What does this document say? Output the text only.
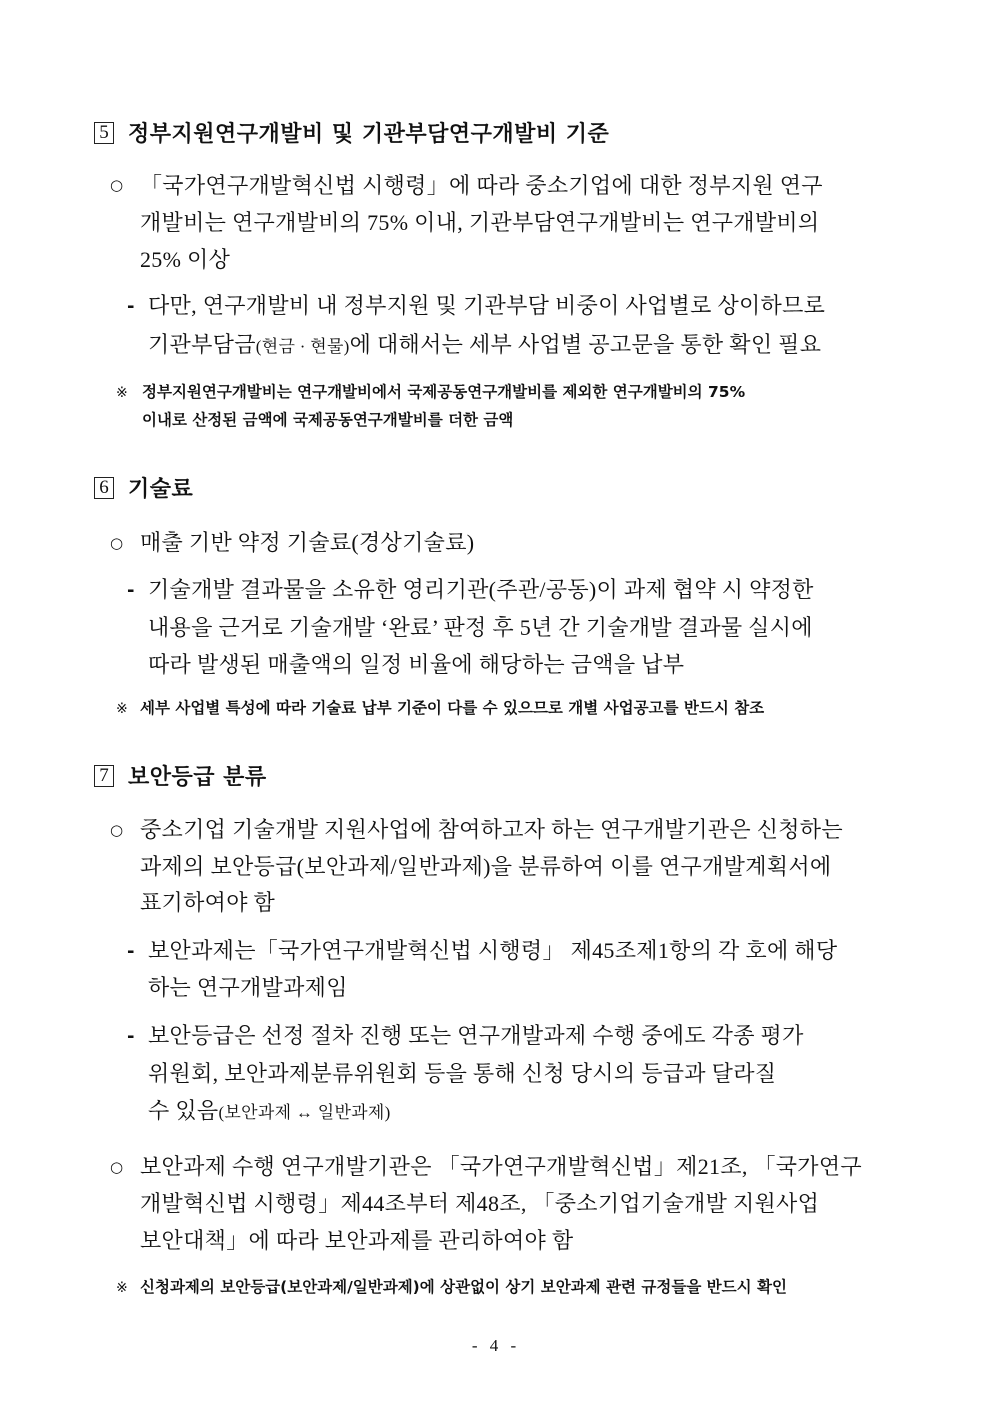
5 정부지원연구개발비 및 기관부담연구개발비 기준
○ 「국가연구개발혁신법 시행령」에 따라 중소기업에 대한 정부지원 연구
개발비는 연구개발비의 75% 이내, 기관부담연구개발비는 연구개발비의
25% 이상
- 다만, 연구개발비 내 정부지원 및 기관부담 비중이 사업별로 상이하므로
기관부담금(현금 · 현물)에 대해서는 세부 사업별 공고문을 통한 확인 필요
※ 정부지원연구개발비는 연구개발비에서 국제공동연구개발비를 제외한 연구개발비의 75%
이내로 산정된 금액에 국제공동연구개발비를 더한 금액
6 기술료
○ 매출 기반 약정 기술료(경상기술료)
- 기술개발 결과물을 소유한 영리기관(주관/공동)이 과제 협약 시 약정한
내용을 근거로 기술개발 ‘완료’ 판정 후 5년 간 기술개발 결과물 실시에
따라 발생된 매출액의 일정 비율에 해당하는 금액을 납부
※ 세부 사업별 특성에 따라 기술료 납부 기준이 다를 수 있으므로 개별 사업공고를 반드시 참조
7 보안등급 분류
○ 중소기업 기술개발 지원사업에 참여하고자 하는 연구개발기관은 신청하는
과제의 보안등급(보안과제/일반과제)을 분류하여 이를 연구개발계획서에
표기하여야 함
- 보안과제는「국가연구개발혁신법 시행령」 제45조제1항의 각 호에 해당
하는 연구개발과제임
- 보안등급은 선정 절차 진행 또는 연구개발과제 수행 중에도 각종 평가
위원회, 보안과제분류위원회 등을 통해 신청 당시의 등급과 달라질
수 있음(보안과제 ↔ 일반과제)
○ 보안과제 수행 연구개발기관은 「국가연구개발혁신법」제21조, 「국가연구
개발혁신법 시행령」제44조부터 제48조, 「중소기업기술개발 지원사업
보안대책」에 따라 보안과제를 관리하여야 함
※ 신청과제의 보안등급(보안과제/일반과제)에 상관없이 상기 보안과제 관련 규정들을 반드시 확인
- 4 -
